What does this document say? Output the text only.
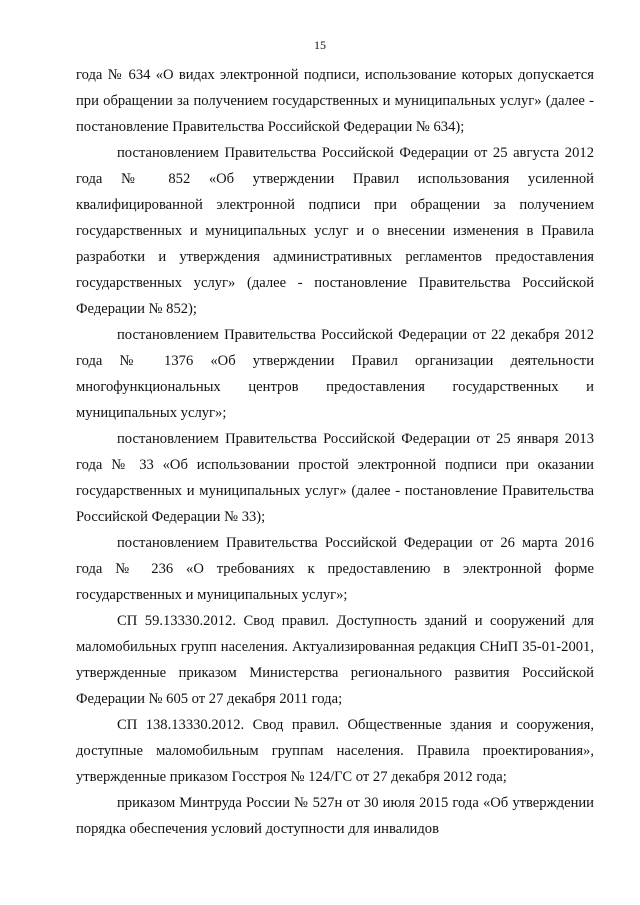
15

года № 634 «О видах электронной подписи, использование которых допускается при обращении за получением государственных и муниципальных услуг» (далее - постановление Правительства Российской Федерации № 634);

постановлением Правительства Российской Федерации от 25 августа 2012 года № 852 «Об утверждении Правил использования усиленной квалифицированной электронной подписи при обращении за получением государственных и муниципальных услуг и о внесении изменения в Правила разработки и утверждения административных регламентов предоставления государственных услуг» (далее - постановление Правительства Российской Федерации № 852);

постановлением Правительства Российской Федерации от 22 декабря 2012 года № 1376 «Об утверждении Правил организации деятельности многофункциональных центров предоставления государственных и муниципальных услуг»;

постановлением Правительства Российской Федерации от 25 января 2013 года № 33 «Об использовании простой электронной подписи при оказании государственных и муниципальных услуг» (далее - постановление Правительства Российской Федерации № 33);

постановлением Правительства Российской Федерации от 26 марта 2016 года № 236 «О требованиях к предоставлению в электронной форме государственных и муниципальных услуг»;

СП 59.13330.2012. Свод правил. Доступность зданий и сооружений для маломобильных групп населения. Актуализированная редакция СНиП 35-01-2001, утвержденные приказом Министерства регионального развития Российской Федерации № 605 от 27 декабря 2011 года;

СП 138.13330.2012. Свод правил. Общественные здания и сооружения, доступные маломобильным группам населения. Правила проектирования», утвержденные приказом Госстроя № 124/ГС от 27 декабря 2012 года;

приказом Минтруда России № 527н от 30 июля 2015 года «Об утверждении порядка обеспечения условий доступности для инвалидов
